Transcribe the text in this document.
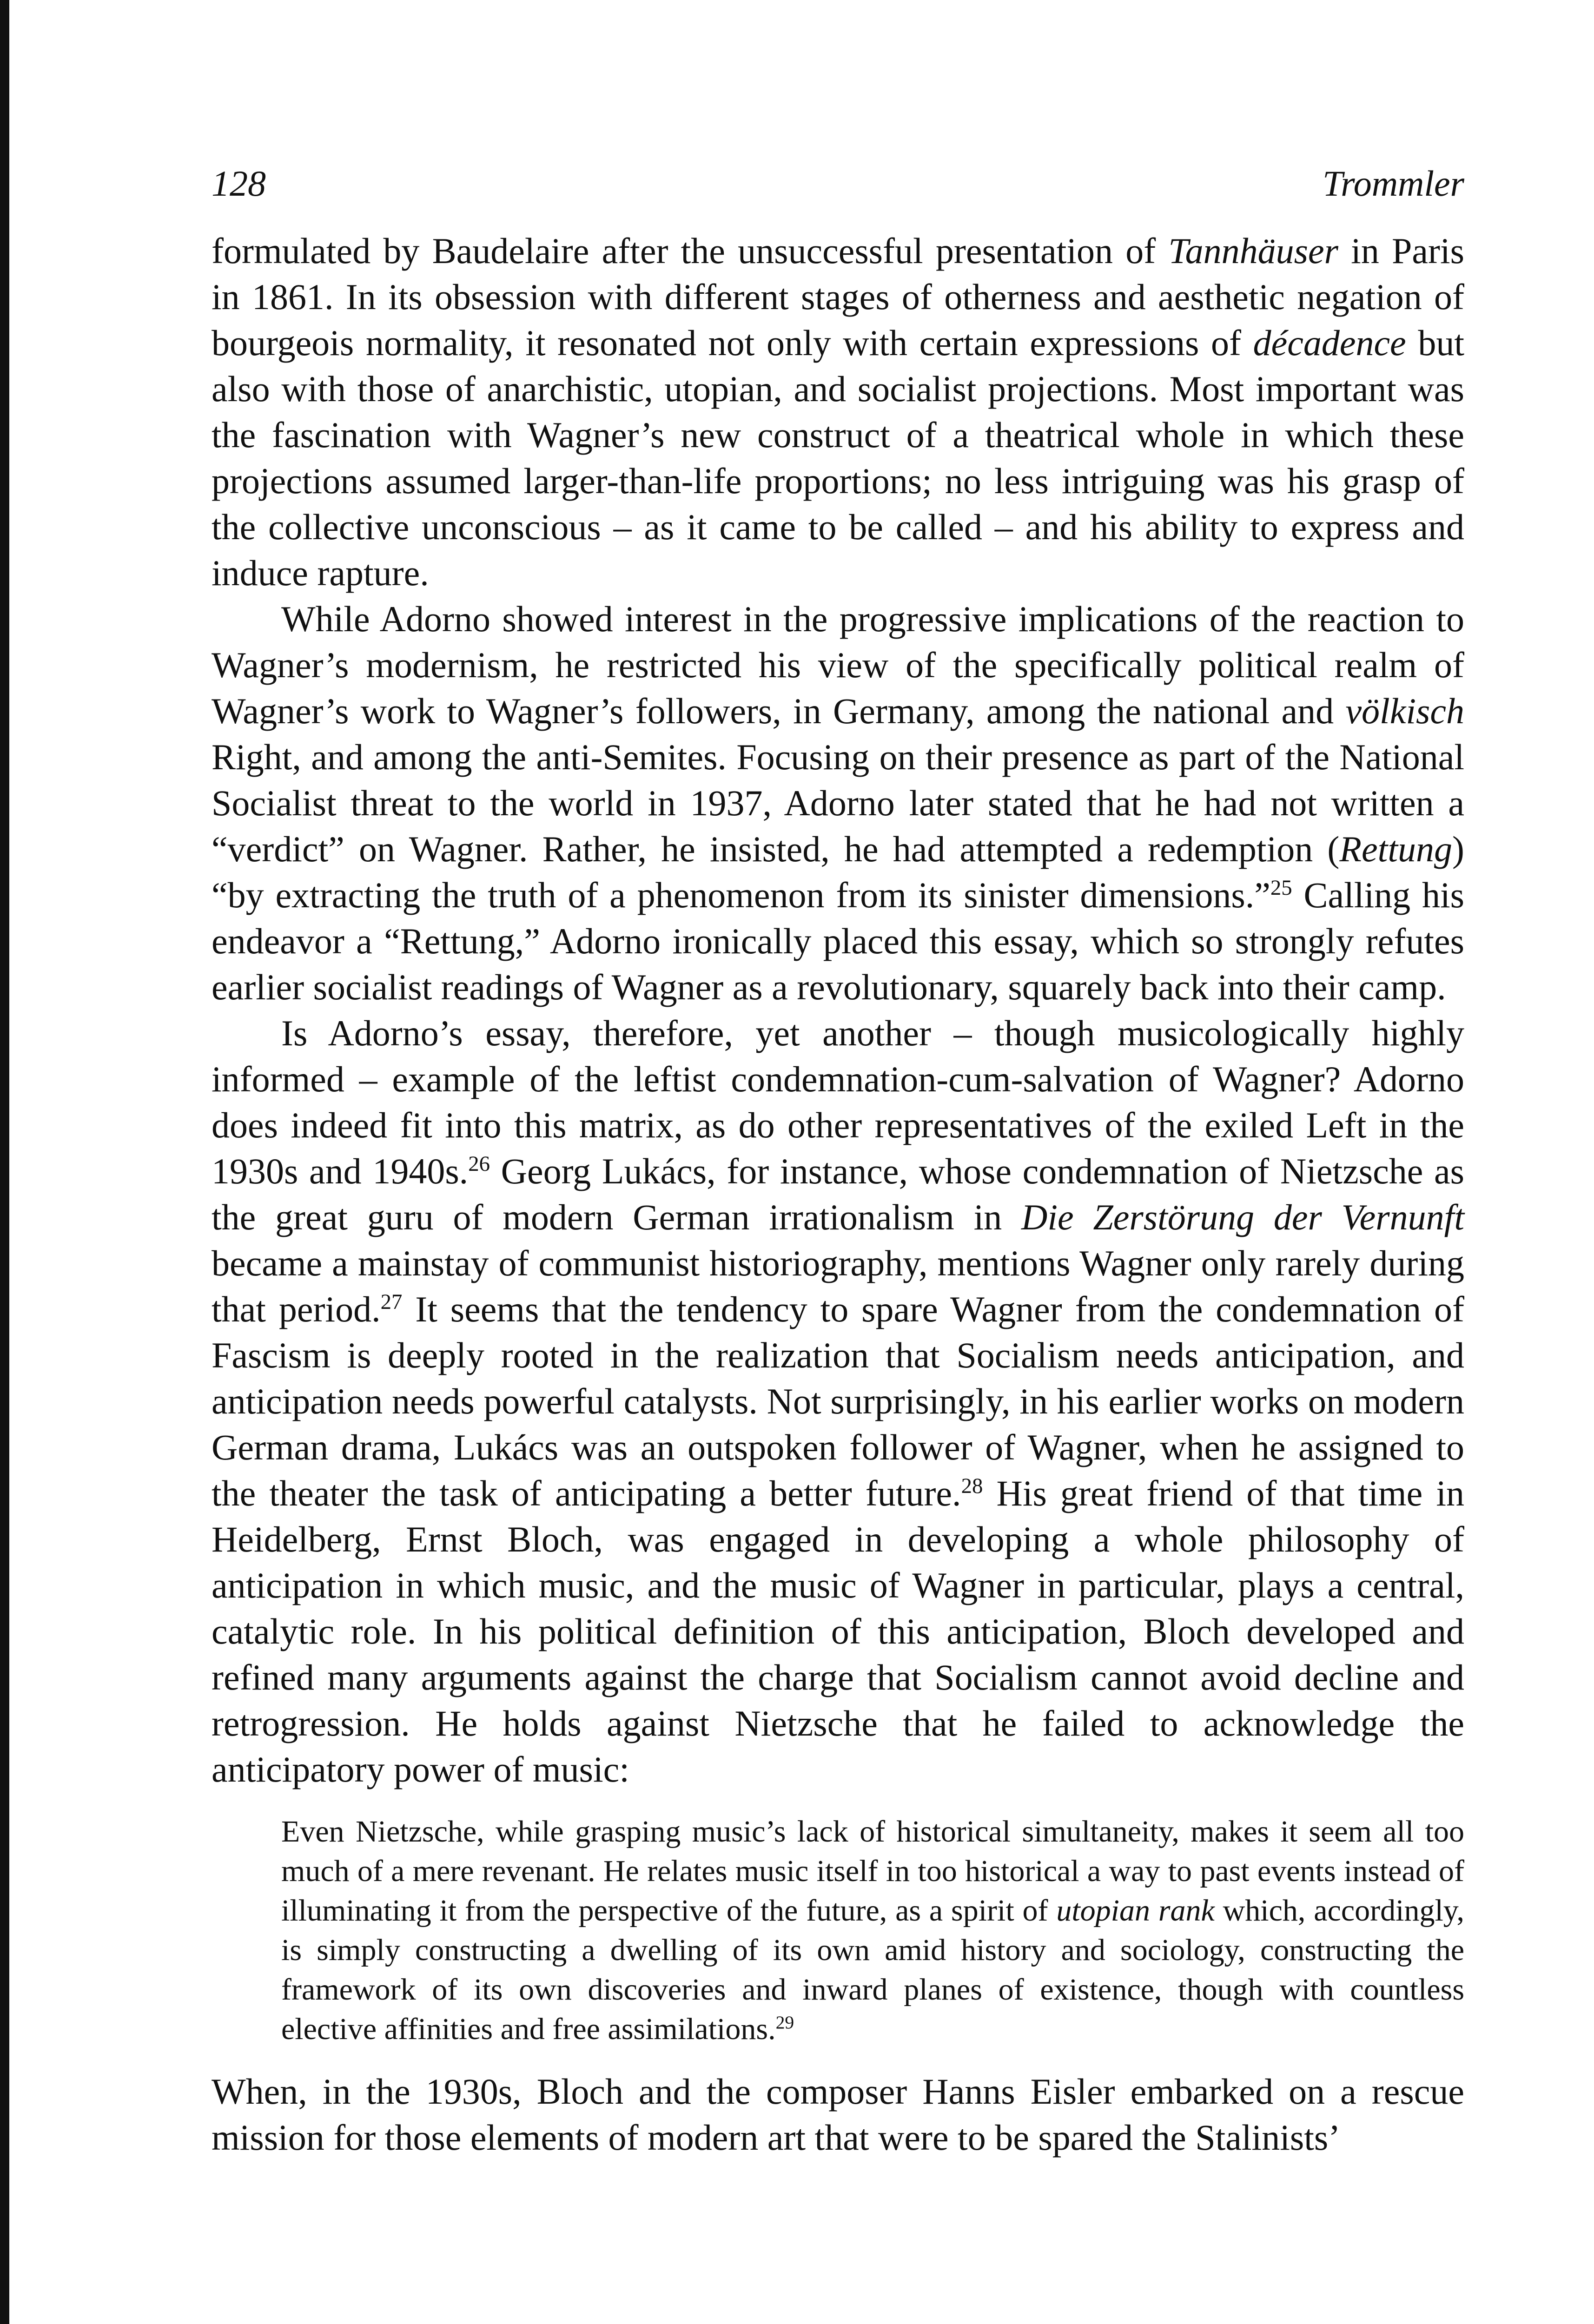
128	Trommler

formulated by Baudelaire after the unsuccessful presentation of Tannhäuser in Paris in 1861. In its obsession with different stages of otherness and aesthetic negation of bourgeois normality, it resonated not only with certain expressions of décadence but also with those of anarchistic, utopian, and socialist projections. Most important was the fascination with Wagner’s new construct of a theatrical whole in which these projections assumed larger-than-life proportions; no less intriguing was his grasp of the collective unconscious – as it came to be called – and his ability to express and induce rapture.

While Adorno showed interest in the progressive implications of the reaction to Wagner’s modernism, he restricted his view of the specifically political realm of Wagner’s work to Wagner’s followers, in Germany, among the national and völkisch Right, and among the anti-Semites. Focusing on their presence as part of the National Socialist threat to the world in 1937, Adorno later stated that he had not written a “verdict” on Wagner. Rather, he insisted, he had attempted a redemption (Rettung) “by extracting the truth of a phenomenon from its sinister dimensions.”$^{25}$ Calling his endeavor a “Rettung,” Adorno ironically placed this essay, which so strongly refutes earlier socialist readings of Wagner as a revolutionary, squarely back into their camp.

Is Adorno’s essay, therefore, yet another – though musicologically highly informed – example of the leftist condemnation-cum-salvation of Wagner? Adorno does indeed fit into this matrix, as do other representatives of the exiled Left in the 1930s and 1940s.$^{26}$ Georg Lukács, for instance, whose condemnation of Nietzsche as the great guru of modern German irrationalism in Die Zerstörung der Vernunft became a mainstay of communist historiography, mentions Wagner only rarely during that period.$^{27}$ It seems that the tendency to spare Wagner from the condemnation of Fascism is deeply rooted in the realization that Socialism needs anticipation, and anticipation needs powerful catalysts. Not surprisingly, in his earlier works on modern German drama, Lukács was an outspoken follower of Wagner, when he assigned to the theater the task of anticipating a better future.$^{28}$ His great friend of that time in Heidelberg, Ernst Bloch, was engaged in developing a whole philosophy of anticipation in which music, and the music of Wagner in particular, plays a central, catalytic role. In his political definition of this anticipation, Bloch developed and refined many arguments against the charge that Socialism cannot avoid decline and retrogression. He holds against Nietzsche that he failed to acknowledge the anticipatory power of music:

Even Nietzsche, while grasping music’s lack of historical simultaneity, makes it seem all too much of a mere revenant. He relates music itself in too historical a way to past events instead of illuminating it from the perspective of the future, as a spirit of utopian rank which, accordingly, is simply constructing a dwelling of its own amid history and sociology, constructing the framework of its own discoveries and inward planes of existence, though with countless elective affinities and free assimilations.$^{29}$

When, in the 1930s, Bloch and the composer Hanns Eisler embarked on a rescue mission for those elements of modern art that were to be spared the Stalinists’
